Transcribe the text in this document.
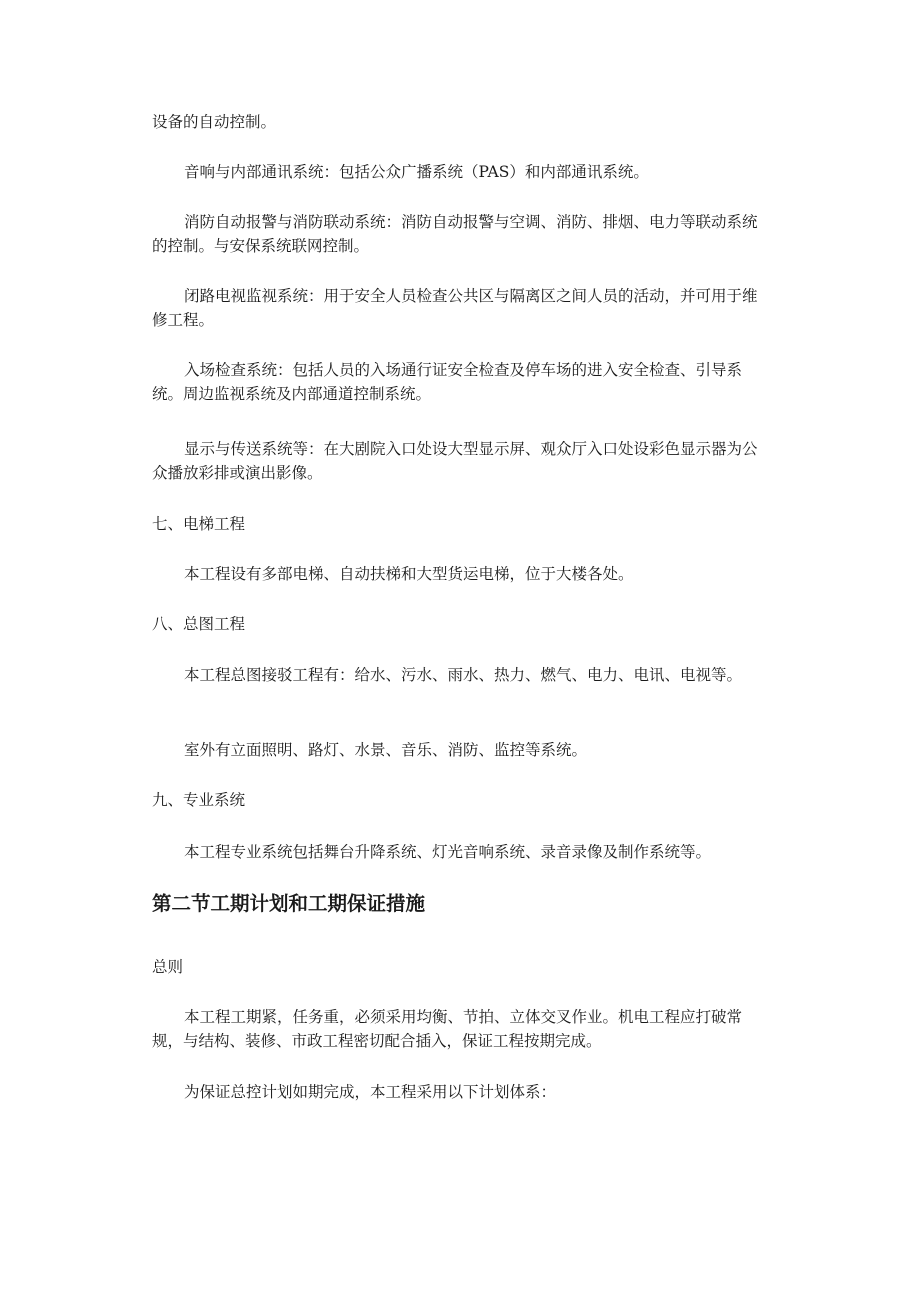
设备的自动控制。

音响与内部通讯系统：包括公众广播系统（PAS）和内部通讯系统。

消防自动报警与消防联动系统：消防自动报警与空调、消防、排烟、电力等联动系统的控制。与安保系统联网控制。

闭路电视监视系统：用于安全人员检查公共区与隔离区之间人员的活动，并可用于维修工程。

入场检查系统：包括人员的入场通行证安全检查及停车场的进入安全检查、引导系统。周边监视系统及内部通道控制系统。

显示与传送系统等：在大剧院入口处设大型显示屏、观众厅入口处设彩色显示器为公众播放彩排或演出影像。

七、电梯工程

本工程设有多部电梯、自动扶梯和大型货运电梯，位于大楼各处。

八、总图工程

本工程总图接驳工程有：给水、污水、雨水、热力、燃气、电力、电讯、电视等。

室外有立面照明、路灯、水景、音乐、消防、监控等系统。

九、专业系统

本工程专业系统包括舞台升降系统、灯光音响系统、录音录像及制作系统等。

第二节工期计划和工期保证措施

总则

本工程工期紧，任务重，必须采用均衡、节拍、立体交叉作业。机电工程应打破常规，与结构、装修、市政工程密切配合插入，保证工程按期完成。

为保证总控计划如期完成，本工程采用以下计划体系：
